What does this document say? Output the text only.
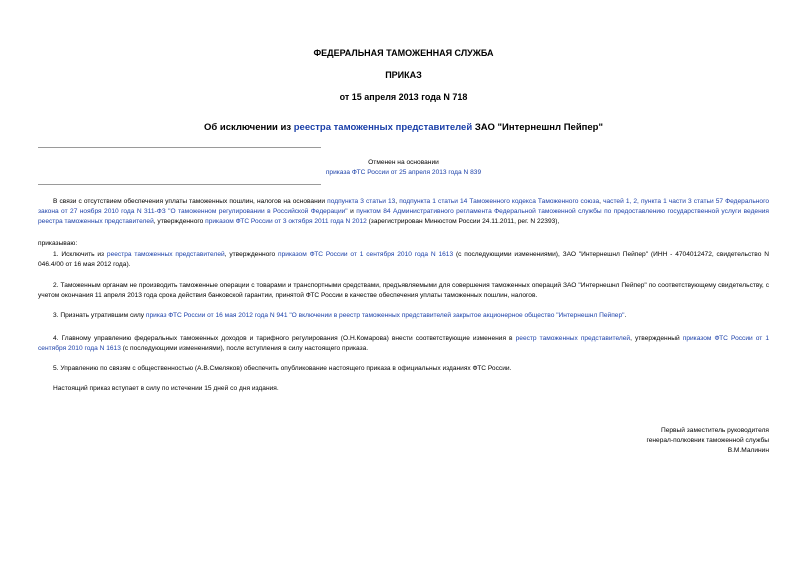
ФЕДЕРАЛЬНАЯ ТАМОЖЕННАЯ СЛУЖБА
ПРИКАЗ
от 15 апреля 2013 года N 718
Об исключении из реестра таможенных представителей ЗАО "Интернешнл Пейпер"
Отменен на основании
приказа ФТС России от 25 апреля 2013 года N 839

В связи с отсутствием обеспечения уплаты таможенных пошлин, налогов на основании подпункта 3 статьи 13, подпункта 1 статьи 14 Таможенного кодекса Таможенного союза, частей 1, 2, пункта 1 части 3 статьи 57 Федерального закона от 27 ноября 2010 года N 311-ФЗ "О таможенном регулировании в Российской Федерации" и пунктом 84 Административного регламента Федеральной таможенной службы по предоставлению государственной услуги ведения реестра таможенных представителей, утвержденного приказом ФТС России от 3 октября 2011 года N 2012 (зарегистрирован Минюстом России 24.11.2011, рег. N 22393),

приказываю:

1. Исключить из реестра таможенных представителей, утвержденного приказом ФТС России от 1 сентября 2010 года N 1613 (с последующими изменениями), ЗАО "Интернешнл Пейпер" (ИНН - 4704012472, свидетельство N 046.4/00 от 16 мая 2012 года).

2. Таможенным органам не производить таможенные операции с товарами и транспортными средствами, предъявляемыми для совершения таможенных операций ЗАО "Интернешнл Пейпер" по соответствующему свидетельству, с учетом окончания 11 апреля 2013 года срока действия банковской гарантии, принятой ФТС России в качестве обеспечения уплаты таможенных пошлин, налогов.

3. Признать утратившим силу приказ ФТС России от 16 мая 2012 года N 941 "О включении в реестр таможенных представителей закрытое акционерное общество "Интернешнл Пейпер".

4. Главному управлению федеральных таможенных доходов и тарифного регулирования (О.Н.Комарова) внести соответствующие изменения в реестр таможенных представителей, утвержденный приказом ФТС России от 1 сентября 2010 года N 1613 (с последующими изменениями), после вступления в силу настоящего приказа.

5. Управлению по связям с общественностью (А.В.Смеляков) обеспечить опубликование настоящего приказа в официальных изданиях ФТС России.

Настоящий приказ вступает в силу по истечении 15 дней со дня издания.

Первый заместитель руководителя
генерал-полковник таможенной службы
В.М.Малинин
